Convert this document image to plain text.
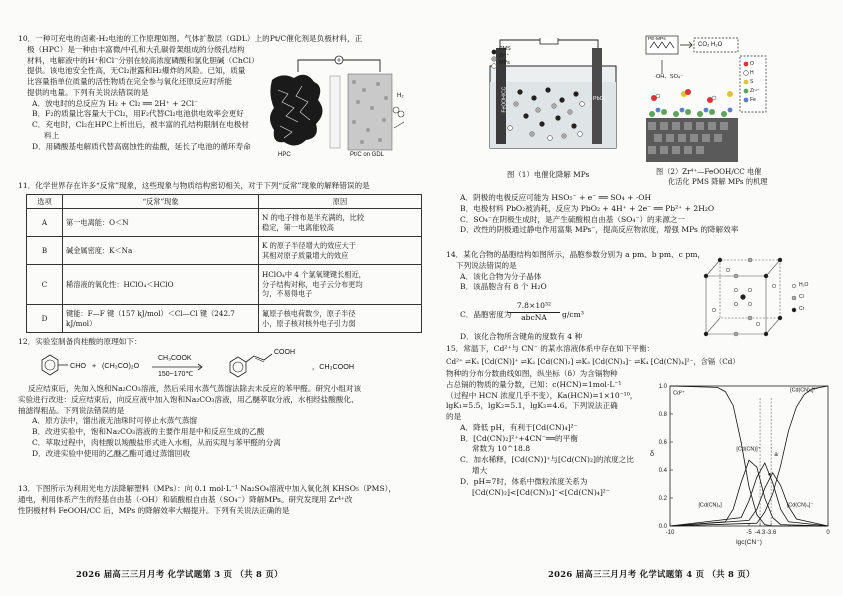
10．一种可充电的卤素-H₂电池的工作原理如图。气体扩散层（GDL）上的Pt/C催化剂是负极材料，正
极（HPC）是一种由丰富微/中孔和大孔碳骨架组成的分级孔结构
材料，电解液中的H⁺和Cl⁻分别在较高浓度磷酸和氯化胆碱（ChCl）
提供。该电池安全性高，无Cl₂泄露和H₂爆炸的风险。已知，质量
比容量指单位质量的活性物质在完全参与氧化还原反应时所能
提供的电量。下列有关说法错误的是
A．放电时的总反应为 H₂ + Cl₂ ══ 2H⁺ + 2Cl⁻
B．F₂的质量比容量大于Cl₂，用F₂代替Cl₂电池供电效率会更好
C．充电时，Cl₂在HPC上析出后，被丰富的孔结构限制在电极材
料上
D．用磷酸基电解质代替高腐蚀性的盐酸，延长了电池的循环寿命
HPC	Pt/C on GDL
H₂
11．化学世界存在许多“反常”现象，这些现象与物质结构密切相关，对于下列“反常”现象的解释错误的是
选项	“反常”现象	原因
A	第一电离能：O＜N	N 的电子排布是半充满的，比较
稳定，第一电离能较高

B	碱金属密度：K＜Na	K 的原子半径增大的效应大于
其相对原子质量增大的效应

C	稀溶液的氧化性：HClO₄＜HClO	HClO₄中 4 个氯氧键键长相近，
分子结构对称，电子云分布更均
匀，不易得电子

D	键能：F—F 键（157 kJ/mol）＜Cl—Cl 键（242.7 kJ/mol）	氟原子核电荷数少，原子半径
小，原子核对核外电子引力弱
12．实验室制备肉桂酸的原理如下：
CHO + (CH₃CO)₂O
CH₃COOK
150~170℃
COOH
，CH₃COOH
反应结束后，先加入饱和Na₂CO₃溶液，然后采用水蒸气蒸馏法除去未反应的苯甲醛。研究小组对该
实验进行改进：反应结束后，向反应液中加入饱和Na₂CO₃溶液，用乙醚萃取分液，水相经盐酸酸化、
抽滤得粗品。下列说法错误的是
A．原方法中，馏出液无油珠时可停止水蒸气蒸馏
B．改进实验中，饱和Na₂CO₃溶液的主要作用是中和反应生成的乙酸
C．萃取过程中，肉桂酸以羧酸盐形式进入水相，从而实现与苯甲醛的分离
D．改进实验中使用的乙醚乙酯可通过蒸馏回收
13．下图所示为利用光电方法降解塑料（MPs）：向 0.1 mol·L⁻¹ Na₂SO₄溶液中加入氧化剂 KHSO₅（PMS），
通电，利用体系产生的羟基自由基（·OH）和硫酸根自由基（SO₄⁻）降解MPs。研究发现用 Zr⁴⁺改
性阴极材料 FeOOH/CC 后，MPs 的降解效率大幅提升。下列有关说法正确的是
2026 届高三三月月考 化学试题第 3 页 （共 8 页）
PMS
Zr⁴⁺
MPs
FeOOH/CC	PbO₂
图（1）电催化降解 MPs
PE-MPs
CO₂ H₂O
·OH、SO₄⁻
O
H
S
Zr⁴⁺
Fe
图（2）Zr⁴⁺—FeOOH/CC 电催
化活化 PMS 降解 MPs 的机理
A．阴极的电极反应可能为 HSO₅⁻ + e⁻ ══ SO₄ + ·OH
B．电极材料 PbO₂被消耗，反应为 PbO₂ + 4H⁺ + 2e⁻ ══ Pb²⁺ + 2H₂O
C．SO₄⁻在阴极生成时，是产生硫酸根自由基（SO₄⁻）的来源之一
D．改性的阴极通过静电作用富集 MPs⁻，提高反应物浓度，增强 MPs 的降解效率
14．某化合物的晶胞结构如图所示，晶胞参数分别为 a pm、b pm、c pm，
下列说法错误的是
A．该化合物为分子晶体
B．该晶胞含有 8 个 H₂O
C．晶胞密度为
7.8×10³²
abcNA	g/cm³
D．该化合物所含键角的度数有 4 种
H₂O
Cl
Cr
15．常温下，Cd²⁺与 CN⁻ 的某水溶液体系中存在如下平衡：
Cd²⁺ ⇌K₁ [Cd(CN)]⁺ ⇌K₂ [Cd(CN)₂] ⇌K₃ [Cd(CN)₃]⁻ ⇌K₄ [Cd(CN)₄]²⁻，含镉（Cd）
物种的分布分数曲线如图，纵坐标（δ）为含镉物种
占总镉的物质的量分数，已知：c(HCN)=1mol·L⁻¹
（过程中 HCN 浓度几乎不变），Ka(HCN)=1×10⁻¹⁰，
lgK₁=5.5，lgK₂=5.1，lgK₃=4.6。下列说法正确
的是
A．降低 pH，有利于[Cd(CN)₄]²⁻
B．[Cd(CN)₂]²⁺+4CN⁻══的平衡
常数为 10^18.8
C．加水稀释，[Cd(CN)]⁺与[Cd(CN)₂]的浓度之比
增大
D．pH=7时，体系中微粒浓度关系为
[Cd(CN)₂]<[Cd(CN)₃]⁻<[Cd(CN)₄]²⁻
0.0
0.2
0.4
0.6
0.8
1.0
-10	-5 -4.3 -3.6	0
lgc(CN⁻)
δ
Cd²⁺
[Cd(CN)]⁺
[Cd(CN)₂]	[Cd(CN)₃]⁻
[Cd(CN)₄]²⁻
a
2026 届高三三月月考 化学试题第 4 页 （共 8 页）
